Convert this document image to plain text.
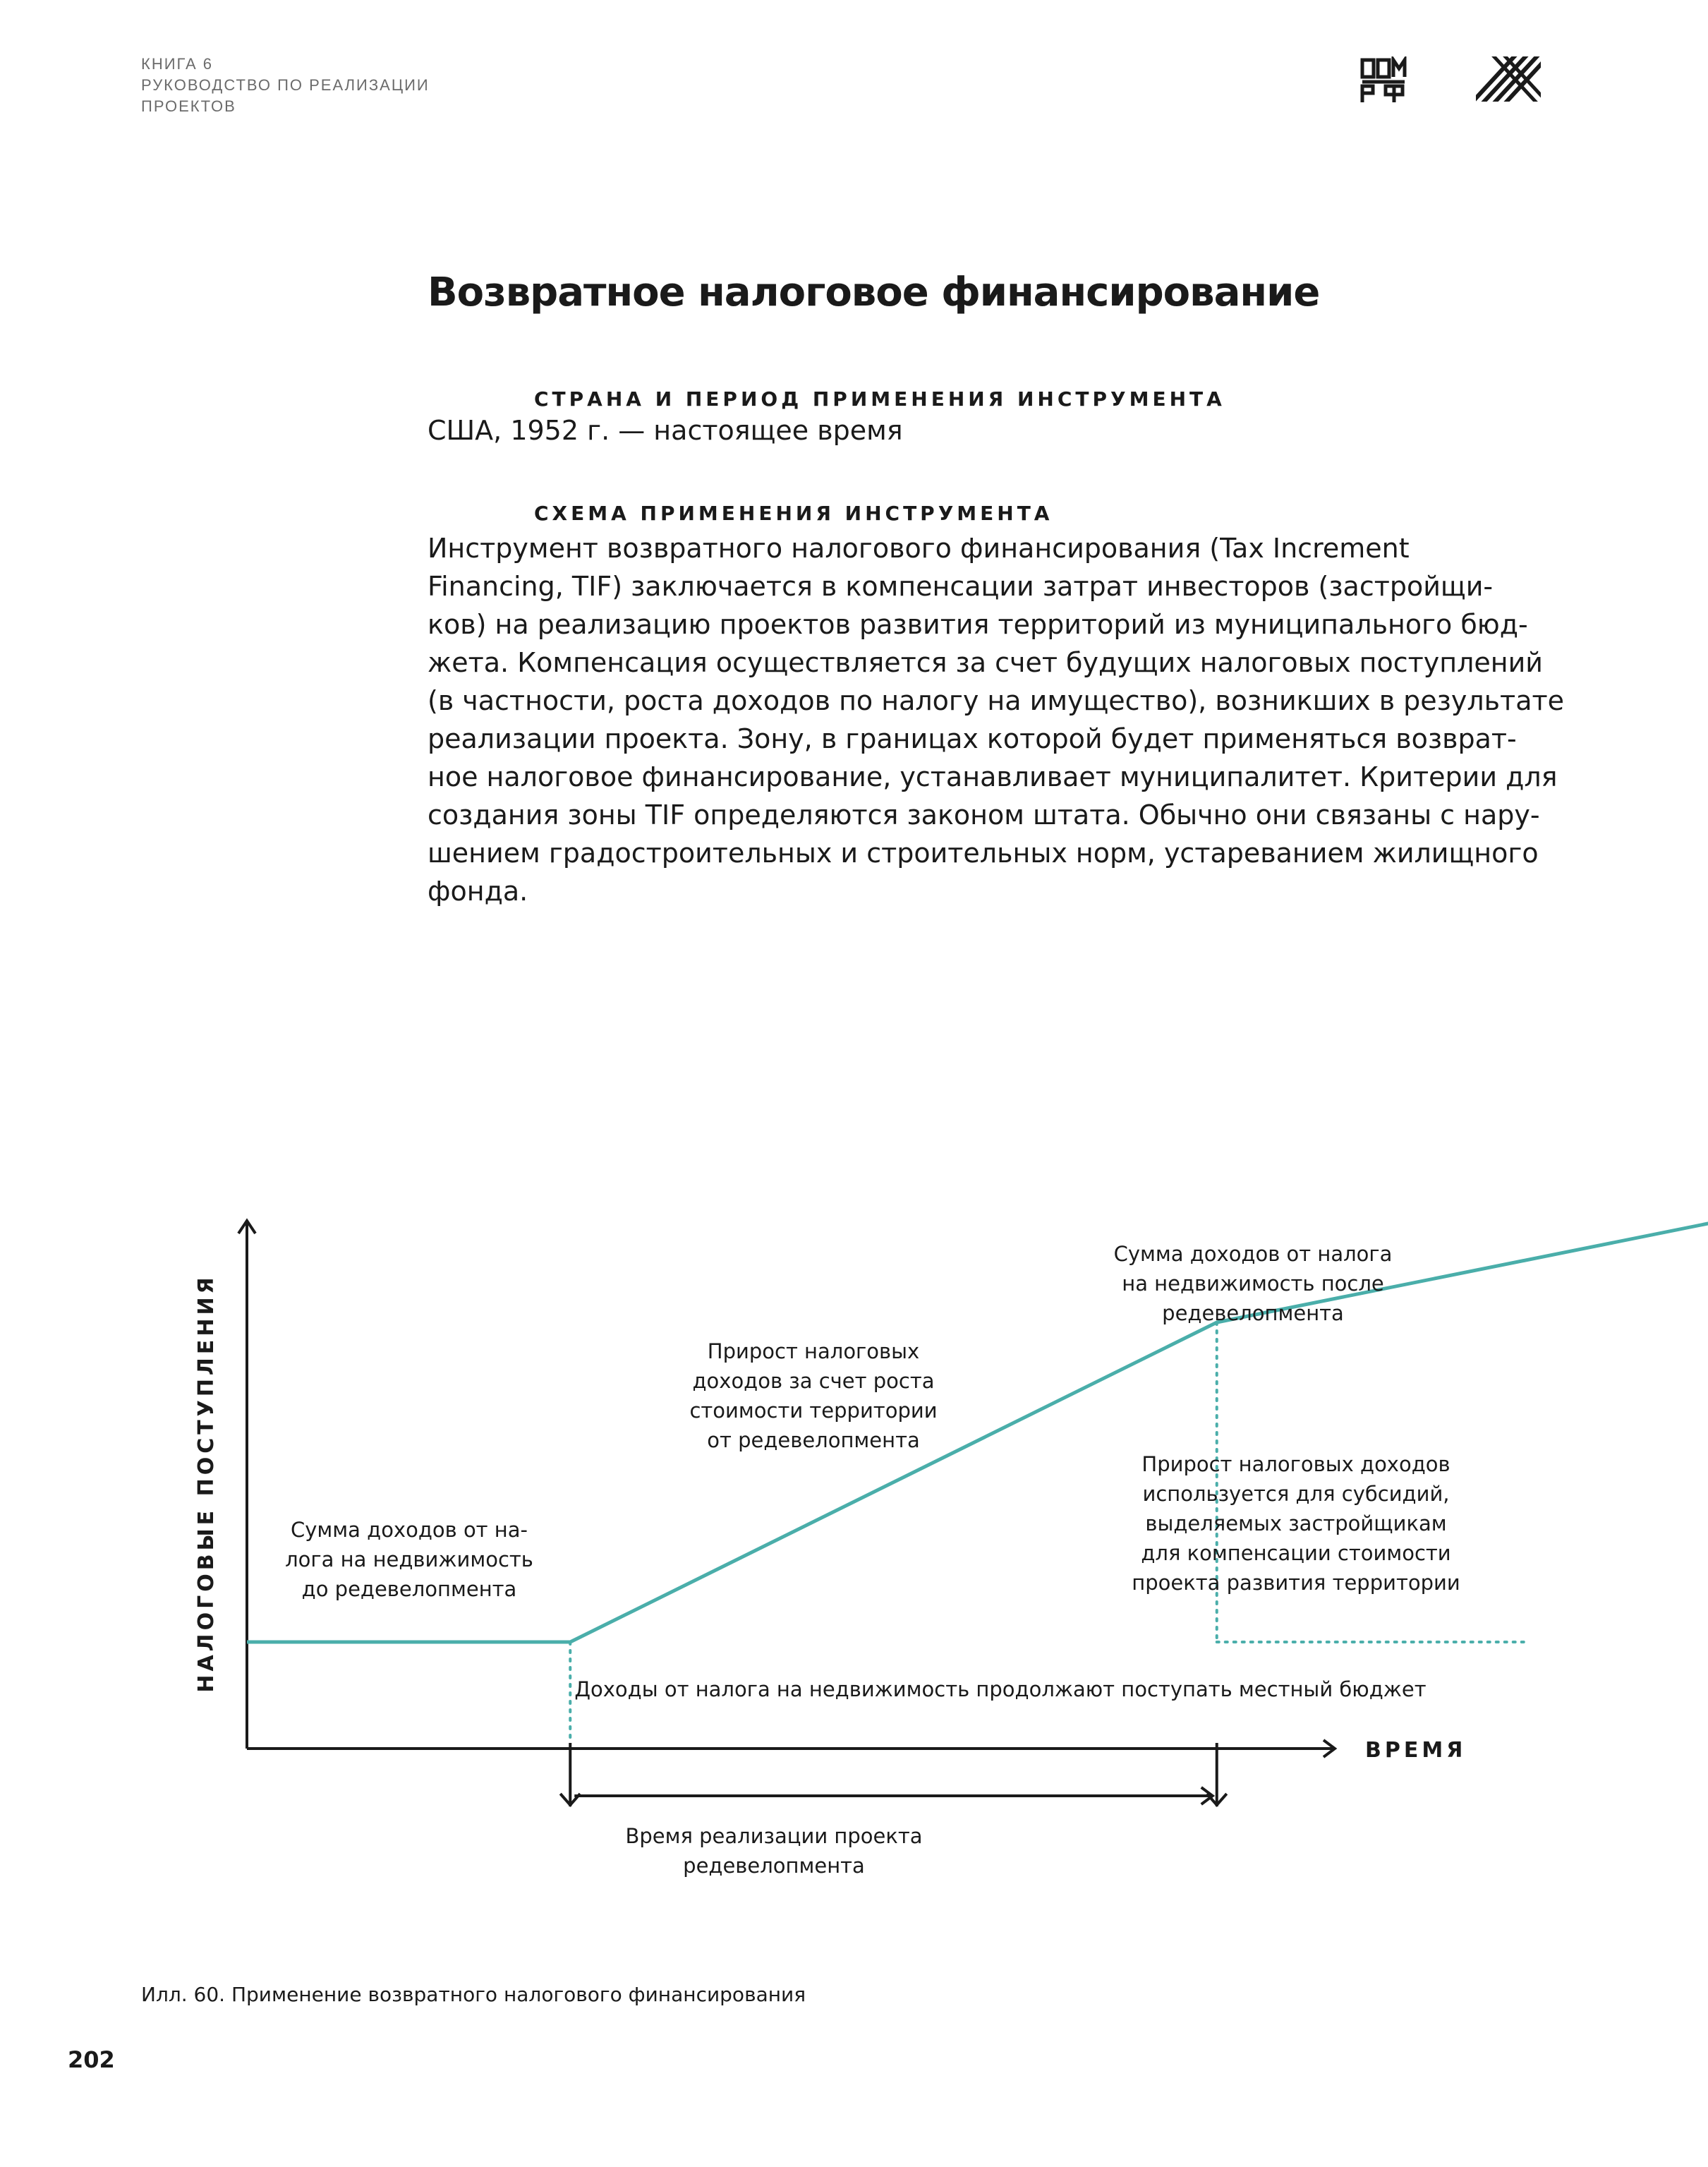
КНИГА 6
РУКОВОДСТВО ПО РЕАЛИЗАЦИИ
ПРОЕКТОВ
Возвратное налоговое финансирование
СТРАНА И ПЕРИОД ПРИМЕНЕНИЯ ИНСТРУМЕНТА

США, 1952 г. — настоящее время

СХЕМА ПРИМЕНЕНИЯ ИНСТРУМЕНТА
Инструмент возвратного налогового финансирования (Tax Increment
Financing, TIF) заключается в компенсации затрат инвесторов (застройщи-
ков) на реализацию проектов развития территорий из муниципального бюд-
жета. Компенсация осуществляется за счет будущих налоговых поступлений
(в частности, роста доходов по налогу на имущество), возникших в результате
реализации проекта. Зону, в границах которой будет применяться возврат-
ное налоговое финансирование, устанавливает муниципалитет. Критерии для
создания зоны TIF определяются законом штата. Обычно они связаны с нару-
шением градостроительных и строительных норм, устареванием жилищного
фонда.
НАЛОГОВЫЕ ПОСТУПЛЕНИЯ
ВРЕМЯ
Сумма доходов от на-лога на недвижимость до редевелопмента
Прирост налоговых доходов за счет роста стоимости территории от редевелопмента
Сумма доходов от налога на недвижимость после редевелопмента
Прирост налоговых доходов используется для субсидий, выделяемых застройщикам для компенсации стоимости проекта развития территории
Доходы от налога на недвижимость продолжают поступать местный бюджет
Время реализации проекта редевелопмента
Илл. 60. Применение возвратного налогового финансирования
202
